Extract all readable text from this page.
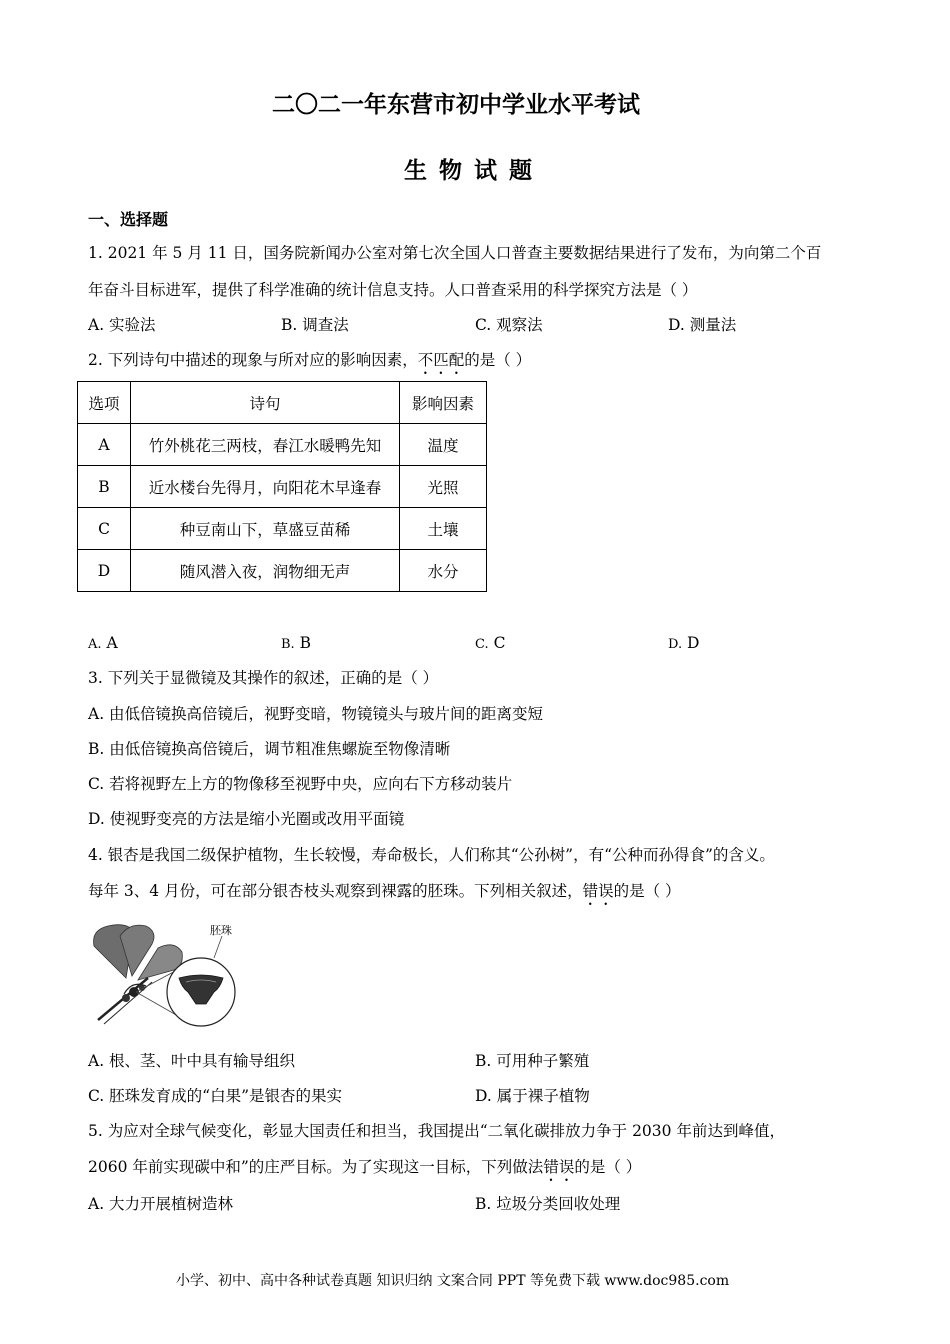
二〇二一年东营市初中学业水平考试
生 物 试 题
一、选择题
1. 2021 年 5 月 11 日，国务院新闻办公室对第七次全国人口普查主要数据结果进行了发布，为向第二个百
年奋斗目标进军，提供了科学准确的统计信息支持。人口普查采用的科学探究方法是（ ）
A. 实验法	B. 调查法	C. 观察法	D. 测量法
2. 下列诗句中描述的现象与所对应的影响因素，不匹配的是（ ）
选项	诗句	影响因素
A	竹外桃花三两枝，春江水暖鸭先知	温度
B	近水楼台先得月，向阳花木早逢春	光照
C	种豆南山下，草盛豆苗稀	土壤
D	随风潜入夜，润物细无声	水分
A. A	B. B	C. C	D. D
3. 下列关于显微镜及其操作的叙述，正确的是（ ）
A. 由低倍镜换高倍镜后，视野变暗，物镜镜头与玻片间的距离变短
B. 由低倍镜换高倍镜后，调节粗准焦螺旋至物像清晰
C. 若将视野左上方的物像移至视野中央，应向右下方移动装片
D. 使视野变亮的方法是缩小光圈或改用平面镜
4. 银杏是我国二级保护植物，生长较慢，寿命极长，人们称其“公孙树”，有“公种而孙得食”的含义。
每年 3、4 月份，可在部分银杏枝头观察到裸露的胚珠。下列相关叙述，错误的是（ ）
胚珠
A. 根、茎、叶中具有输导组织	B. 可用种子繁殖
C. 胚珠发育成的“白果”是银杏的果实	D. 属于裸子植物
5. 为应对全球气候变化，彰显大国责任和担当，我国提出“二氧化碳排放力争于 2030 年前达到峰值，
2060 年前实现碳中和”的庄严目标。为了实现这一目标，下列做法错误的是（ ）
A. 大力开展植树造林	B. 垃圾分类回收处理
小学、初中、高中各种试卷真题 知识归纳 文案合同 PPT 等免费下载 www.doc985.com
